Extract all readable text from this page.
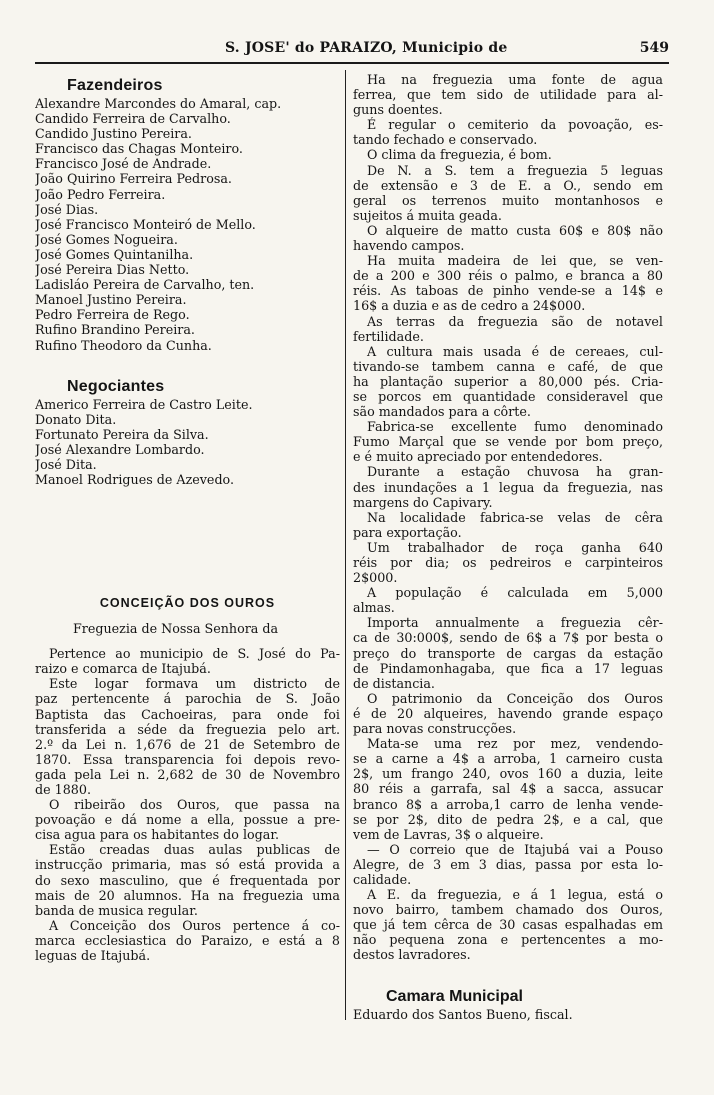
S. JOSE' do PARAIZO, Municipio de	549
Fazendeiros
Alexandre Marcondes do Amaral, cap.
Candido Ferreira de Carvalho.
Candido Justino Pereira.
Francisco das Chagas Monteiro.
Francisco José de Andrade.
João Quirino Ferreira Pedrosa.
João Pedro Ferreira.
José Dias.
José Francisco Monteiró de Mello.
José Gomes Nogueira.
José Gomes Quintanilha.
José Pereira Dias Netto.
Ladisláo Pereira de Carvalho, ten.
Manoel Justino Pereira.
Pedro Ferreira de Rego.
Rufino Brandino Pereira.
Rufino Theodoro da Cunha.
Negociantes
Americo Ferreira de Castro Leite.
Donato Dita.
Fortunato Pereira da Silva.
José Alexandre Lombardo.
José Dita.
Manoel Rodrigues de Azevedo.
CONCEIÇÃO DOS OUROS
Freguezia de Nossa Senhora da
Pertence ao municipio de S. José do Pa-
raizo e comarca de Itajubá.
Este logar formava um districto de
paz pertencente á parochia de S. João
Baptista das Cachoeiras, para onde foi
transferida a séde da freguezia pelo art.
2.º da Lei n. 1,676 de 21 de Setembro de
1870. Essa transparencia foi depois revo-
gada pela Lei n. 2,682 de 30 de Novembro
de 1880.
O ribeirão dos Ouros, que passa na
povoação e dá nome a ella, possue a pre-
cisa agua para os habitantes do logar.
Estão creadas duas aulas publicas de
instrucção primaria, mas só está provida a
do sexo masculino, que é frequentada por
mais de 20 alumnos. Ha na freguezia uma
banda de musica regular.
A Conceição dos Ouros pertence á co-
marca ecclesiastica do Paraizo, e está a 8
leguas de Itajubá.
Ha na freguezia uma fonte de agua
ferrea, que tem sido de utilidade para al-
guns doentes.
É regular o cemiterio da povoação, es-
tando fechado e conservado.
O clima da freguezia, é bom.
De N. a S. tem a freguezia 5 leguas
de extensão e 3 de E. a O., sendo em
geral os terrenos muito montanhosos e
sujeitos á muita geada.
O alqueire de matto custa 60$ e 80$ não
havendo campos.
Ha muita madeira de lei que, se ven-
de a 200 e 300 réis o palmo, e branca a 80
réis. As taboas de pinho vende-se a 14$ e
16$ a duzia e as de cedro a 24$000.
As terras da freguezia são de notavel
fertilidade.
A cultura mais usada é de cereaes, cul-
tivando-se tambem canna e café, de que
ha plantação superior a 80,000 pés. Cria-
se porcos em quantidade consideravel que
são mandados para a côrte.
Fabrica-se excellente fumo denominado
Fumo Marçal que se vende por bom preço,
e é muito apreciado por entendedores.
Durante a estação chuvosa ha gran-
des inundações a 1 legua da freguezia, nas
margens do Capivary.
Na localidade fabrica-se velas de cêra
para exportação.
Um trabalhador de roça ganha 640
réis por dia; os pedreiros e carpinteiros
2$000.
A população é calculada em 5,000
almas.
Importa annualmente a freguezia cêr-
ca de 30:000$, sendo de 6$ a 7$ por besta o
preço do transporte de cargas da estação
de Pindamonhagaba, que fica a 17 leguas
de distancia.
O patrimonio da Conceição dos Ouros
é de 20 alqueires, havendo grande espaço
para novas construcções.
Mata-se uma rez por mez, vendendo-
se a carne a 4$ a arroba, 1 carneiro custa
2$, um frango 240, ovos 160 a duzia, leite
80 réis a garrafa, sal 4$ a sacca, assucar
branco 8$ a arroba,1 carro de lenha vende-
se por 2$, dito de pedra 2$, e a cal, que
vem de Lavras, 3$ o alqueire.
— O correio que de Itajubá vai a Pouso
Alegre, de 3 em 3 dias, passa por esta lo-
calidade.
A E. da freguezia, e á 1 legua, está o
novo bairro, tambem chamado dos Ouros,
que já tem cêrca de 30 casas espalhadas em
não pequena zona e pertencentes a mo-
destos lavradores.
Camara Municipal
Eduardo dos Santos Bueno, fiscal.
